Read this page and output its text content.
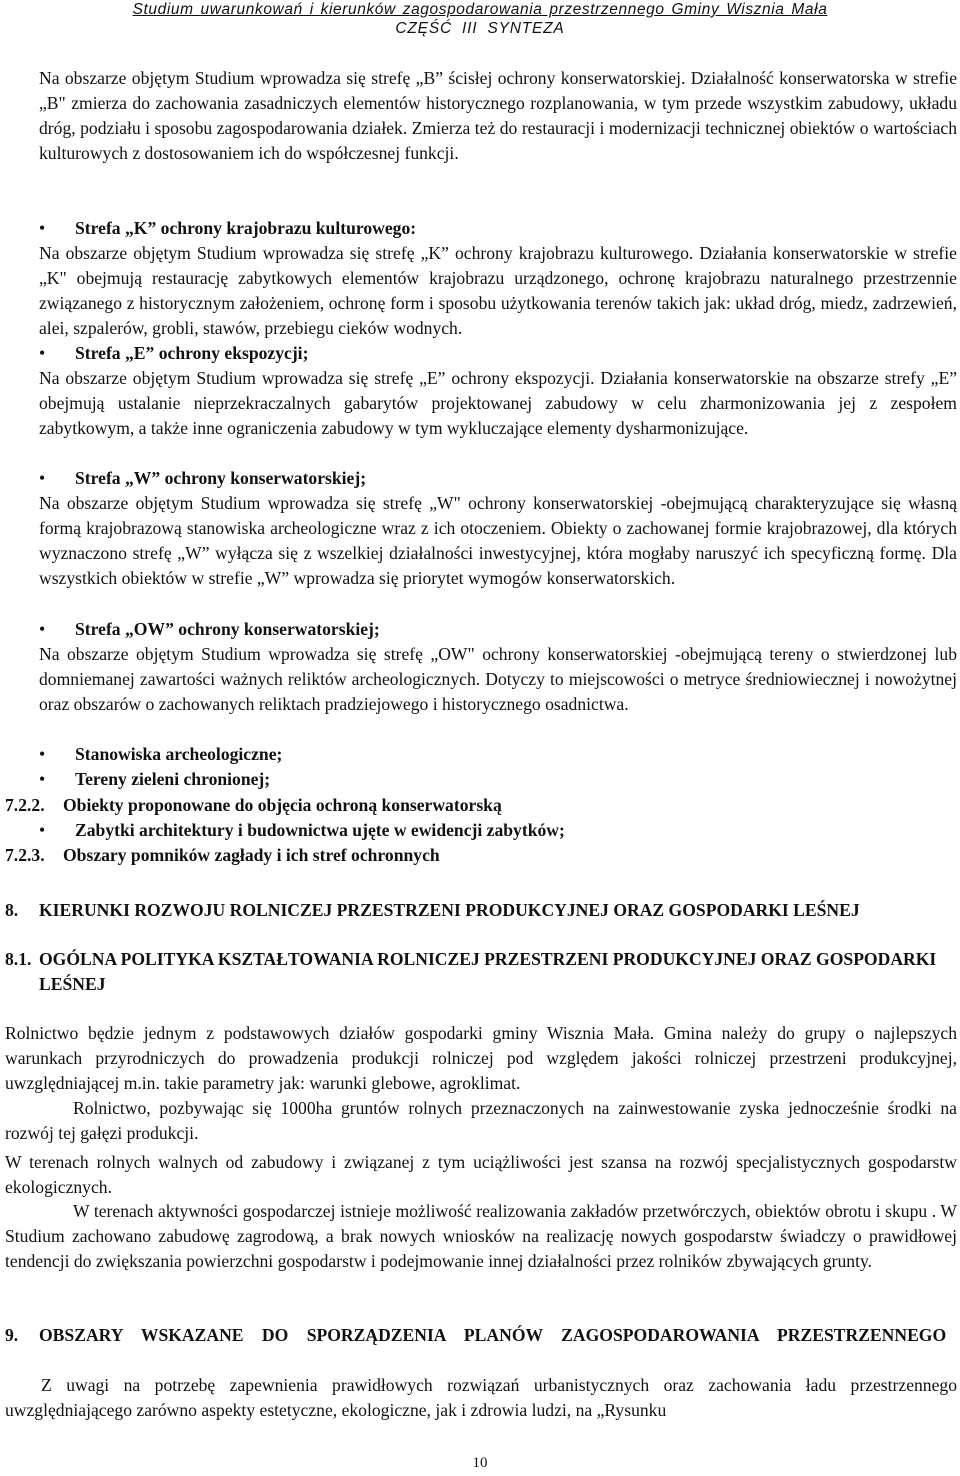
Studium uwarunkowań i kierunków zagospodarowania przestrzennego Gminy Wisznia Mała
CZĘŚĆ III SYNTEZA

Na obszarze objętym Studium wprowadza się strefę „B” ścisłej ochrony konserwatorskiej. Działalność konserwatorska w strefie „B" zmierza do zachowania zasadniczych elementów historycznego rozplanowania, w tym przede wszystkim zabudowy, układu dróg, podziału i sposobu zagospodarowania działek. Zmierza też do restauracji i modernizacji technicznej obiektów o wartościach kulturowych z dostosowaniem ich do współczesnej funkcji.

• Strefa „K” ochrony krajobrazu kulturowego:

Na obszarze objętym Studium wprowadza się strefę „K” ochrony krajobrazu kulturowego. Działania konserwatorskie w strefie „K" obejmują restaurację zabytkowych elementów krajobrazu urządzonego, ochronę krajobrazu naturalnego przestrzennie związanego z historycznym założeniem, ochronę form i sposobu użytkowania terenów takich jak: układ dróg, miedz, zadrzewień, alei, szpalerów, grobli, stawów, przebiegu cieków wodnych.

• Strefa „E” ochrony ekspozycji;

Na obszarze objętym Studium wprowadza się strefę „E” ochrony ekspozycji. Działania konserwatorskie na obszarze strefy „E” obejmują ustalanie nieprzekraczalnych gabarytów projektowanej zabudowy w celu zharmonizowania jej z zespołem zabytkowym, a także inne ograniczenia zabudowy w tym wykluczające elementy dysharmonizujące.

• Strefa „W” ochrony konserwatorskiej;

Na obszarze objętym Studium wprowadza się strefę „W" ochrony konserwatorskiej -obejmującą charakteryzujące się własną formą krajobrazową stanowiska archeologiczne wraz z ich otoczeniem. Obiekty o zachowanej formie krajobrazowej, dla których wyznaczono strefę „W” wyłącza się z wszelkiej działalności inwestycyjnej, która mogłaby naruszyć ich specyficzną formę. Dla wszystkich obiektów w strefie „W” wprowadza się priorytet wymogów konserwatorskich.

• Strefa „OW” ochrony konserwatorskiej;

Na obszarze objętym Studium wprowadza się strefę „OW" ochrony konserwatorskiej -obejmującą tereny o stwierdzonej lub domniemanej zawartości ważnych reliktów archeologicznych. Dotyczy to miejscowości o metryce średniowiecznej i nowożytnej oraz obszarów o zachowanych reliktach pradziejowego i historycznego osadnictwa.

• Stanowiska archeologiczne;
• Tereny zieleni chronionej;
7.2.2. Obiekty proponowane do objęcia ochroną konserwatorską
• Zabytki architektury i budownictwa ujęte w ewidencji zabytków;
7.2.3. Obszary pomników zagłady i ich stref ochronnych
8. KIERUNKI ROZWOJU ROLNICZEJ PRZESTRZENI PRODUKCYJNEJ ORAZ GOSPODARKI LEŚNEJ
8.1. OGÓLNA POLITYKA KSZTAŁTOWANIA ROLNICZEJ PRZESTRZENI PRODUKCYJNEJ ORAZ GOSPODARKI LEŚNEJ

Rolnictwo będzie jednym z podstawowych działów gospodarki gminy Wisznia Mała. Gmina należy do grupy o najlepszych warunkach przyrodniczych do prowadzenia produkcji rolniczej pod względem jakości rolniczej przestrzeni produkcyjnej, uwzględniającej m.in. takie parametry jak: warunki glebowe, agroklimat.

Rolnictwo, pozbywając się 1000ha gruntów rolnych przeznaczonych na zainwestowanie zyska jednocześnie środki na rozwój tej gałęzi produkcji.

W terenach rolnych walnych od zabudowy i związanej z tym uciążliwości jest szansa na rozwój specjalistycznych gospodarstw ekologicznych.

W terenach aktywności gospodarczej istnieje możliwość realizowania zakładów przetwórczych, obiektów obrotu i skupu . W Studium zachowano zabudowę zagrodową, a brak nowych wniosków na realizację nowych gospodarstw świadczy o prawidłowej tendencji do zwiększania powierzchni gospodarstw i podejmowanie innej działalności przez rolników zbywających grunty.

9. OBSZARY WSKAZANE DO SPORZĄDZENIA PLANÓW ZAGOSPODAROWANIA PRZESTRZENNEGO

Z uwagi na potrzebę zapewnienia prawidłowych rozwiązań urbanistycznych oraz zachowania ładu przestrzennego uwzględniającego zarówno aspekty estetyczne, ekologiczne, jak i zdrowia ludzi, na „Rysunku

10
